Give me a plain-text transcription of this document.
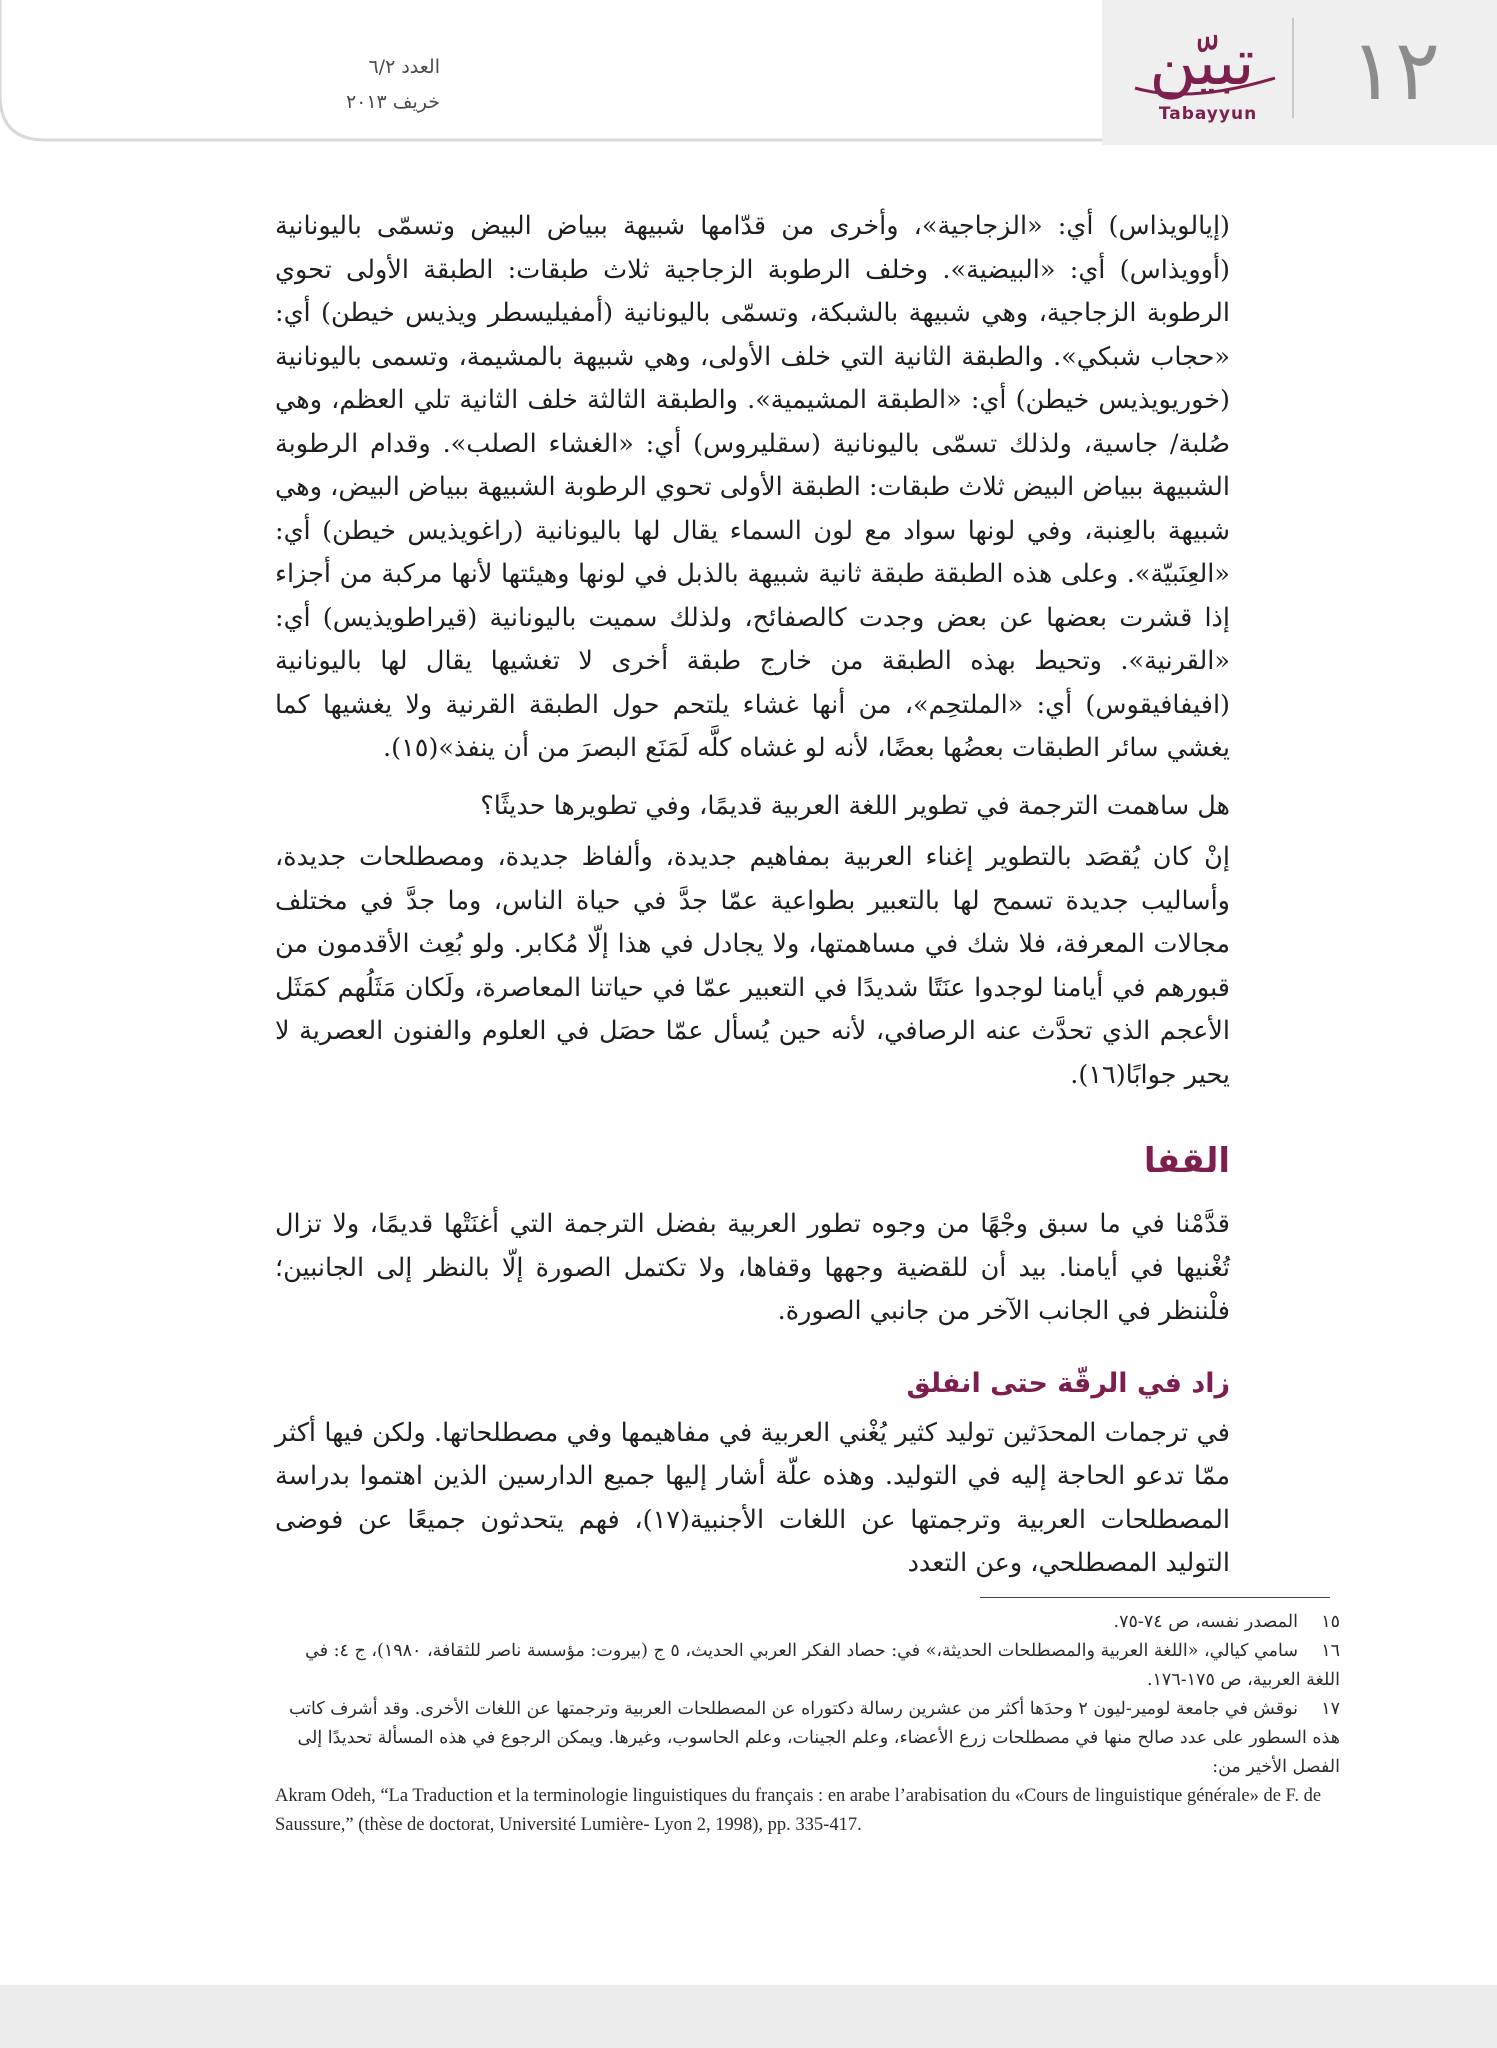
١٢
تبيّن
Tabayyun
العدد ٦/٢
خريف ٢٠١٣

(إيالويذاس) أي: «الزجاجية»، وأخرى من قدّامها شبيهة ببياض البيض وتسمّى باليونانية (أوويذاس) أي: «البيضية». وخلف الرطوبة الزجاجية ثلاث طبقات: الطبقة الأولى تحوي الرطوبة الزجاجية، وهي شبيهة بالشبكة، وتسمّى باليونانية (أمفيليسطر ويذيس خيطن) أي: «حجاب شبكي». والطبقة الثانية التي خلف الأولى، وهي شبيهة بالمشيمة، وتسمى باليونانية (خوريويذيس خيطن) أي: «الطبقة المشيمية». والطبقة الثالثة خلف الثانية تلي العظم، وهي صُلبة/ جاسية، ولذلك تسمّى باليونانية (سقليروس) أي: «الغشاء الصلب». وقدام الرطوبة الشبيهة ببياض البيض ثلاث طبقات: الطبقة الأولى تحوي الرطوبة الشبيهة ببياض البيض، وهي شبيهة بالعِنبة، وفي لونها سواد مع لون السماء يقال لها باليونانية (راغويذيس خيطن) أي: «العِنَبيّة». وعلى هذه الطبقة طبقة ثانية شبيهة بالذبل في لونها وهيئتها لأنها مركبة من أجزاء إذا قشرت بعضها عن بعض وجدت كالصفائح، ولذلك سميت باليونانية (قيراطويذيس) أي: «القرنية». وتحيط بهذه الطبقة من خارج طبقة أخرى لا تغشيها يقال لها باليونانية (افيفافيقوس) أي: «الملتحِم»، من أنها غشاء يلتحم حول الطبقة القرنية ولا يغشيها كما يغشي سائر الطبقات بعضُها بعضًا، لأنه لو غشاه كلَّه لَمَنَع البصرَ من أن ينفذ»(١٥).

هل ساهمت الترجمة في تطوير اللغة العربية قديمًا، وفي تطويرها حديثًا؟

إنْ كان يُقصَد بالتطوير إغناء العربية بمفاهيم جديدة، وألفاظ جديدة، ومصطلحات جديدة، وأساليب جديدة تسمح لها بالتعبير بطواعية عمّا جدَّ في حياة الناس، وما جدَّ في مختلف مجالات المعرفة، فلا شك في مساهمتها، ولا يجادل في هذا إلّا مُكابر. ولو بُعِث الأقدمون من قبورهم في أيامنا لوجدوا عنَتًا شديدًا في التعبير عمّا في حياتنا المعاصرة، ولَكان مَثَلُهم كمَثَل الأعجم الذي تحدَّث عنه الرصافي، لأنه حين يُسأل عمّا حصَل في العلوم والفنون العصرية لا يحير جوابًا(١٦).

القفا

قدَّمْنا في ما سبق وجْهًا من وجوه تطور العربية بفضل الترجمة التي أغنَتْها قديمًا، ولا تزال تُغْنيها في أيامنا. بيد أن للقضية وجهها وقفاها، ولا تكتمل الصورة إلّا بالنظر إلى الجانبين؛ فلْننظر في الجانب الآخر من جانبي الصورة.

زاد في الرقّة حتى انفلق

في ترجمات المحدَثين توليد كثير يُغْني العربية في مفاهيمها وفي مصطلحاتها. ولكن فيها أكثر ممّا تدعو الحاجة إليه في التوليد. وهذه علّة أشار إليها جميع الدارسين الذين اهتموا بدراسة المصطلحات العربية وترجمتها عن اللغات الأجنبية(١٧)، فهم يتحدثون جميعًا عن فوضى التوليد المصطلحي، وعن التعدد

١٥المصدر نفسه، ص ٧٤-٧٥.

١٦سامي كيالي، «اللغة العربية والمصطلحات الحديثة،» في: حصاد الفكر العربي الحديث، ٥ ج (بيروت: مؤسسة ناصر للثقافة، ١٩٨٠)، ج ٤: في اللغة العربية، ص ١٧٥-١٧٦.

١٧نوقش في جامعة لومير-ليون ٢ وحدَها أكثر من عشرين رسالة دكتوراه عن المصطلحات العربية وترجمتها عن اللغات الأخرى. وقد أشرف كاتب هذه السطور على عدد صالح منها في مصطلحات زرع الأعضاء، وعلم الجينات، وعلم الحاسوب، وغيرها. ويمكن الرجوع في هذه المسألة تحديدًا إلى الفصل الأخير من:

Akram Odeh, “La Traduction et la terminologie linguistiques du français : en arabe l’arabisation du «Cours de linguistique générale» de F. de Saussure,” (thèse de doctorat, Université Lumière- Lyon 2, 1998), pp. 335-417.
